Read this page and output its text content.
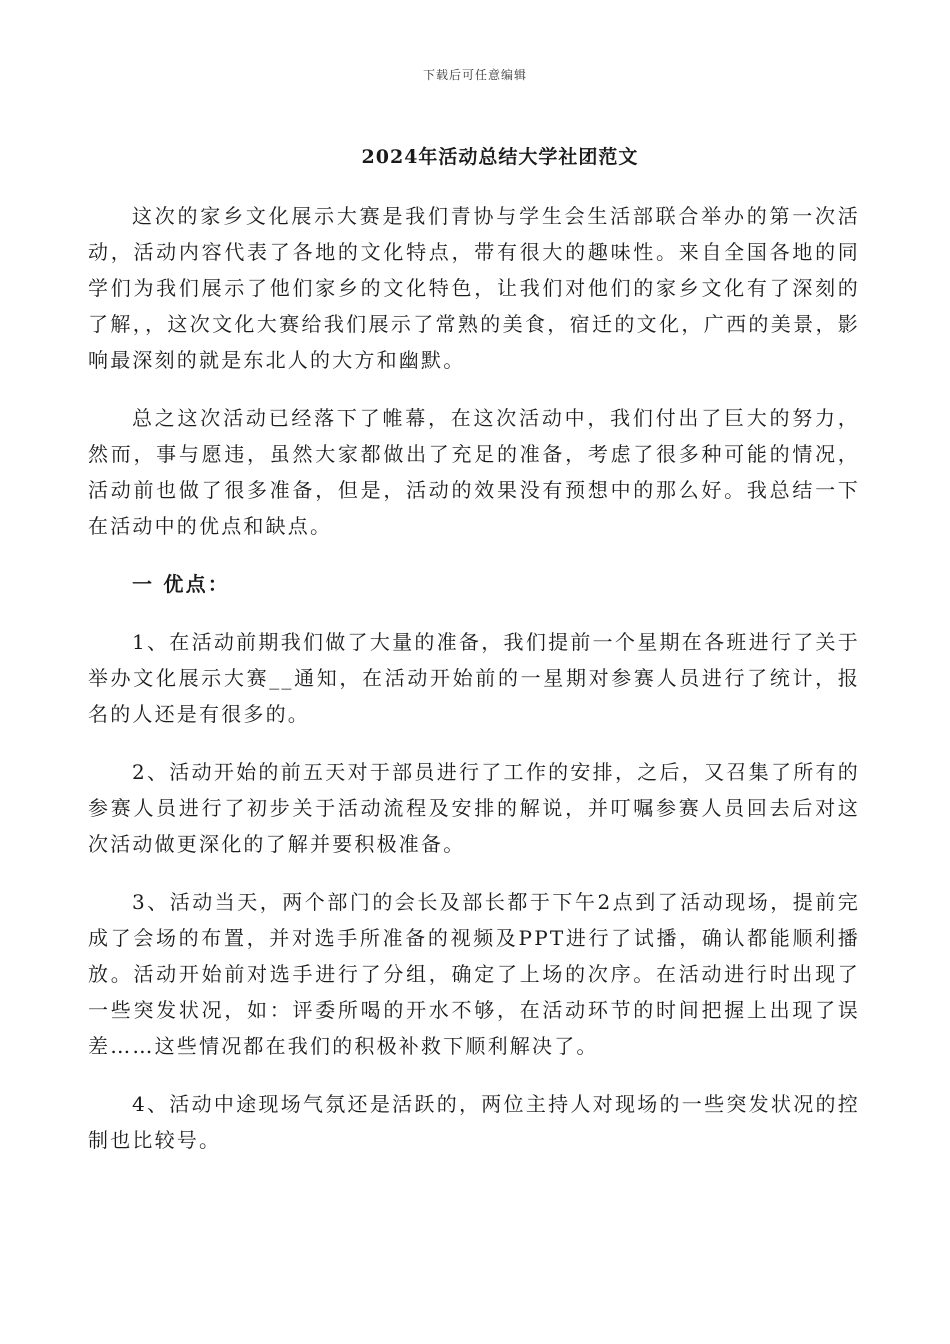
下载后可任意编辑
2024年活动总结大学社团范文

这次的家乡文化展示大赛是我们青协与学生会生活部联合举办的第一次活动，活动内容代表了各地的文化特点，带有很大的趣味性。来自全国各地的同学们为我们展示了他们家乡的文化特色，让我们对他们的家乡文化有了深刻的了解，，这次文化大赛给我们展示了常熟的美食，宿迁的文化，广西的美景，影响最深刻的就是东北人的大方和幽默。

总之这次活动已经落下了帷幕，在这次活动中，我们付出了巨大的努力，然而，事与愿违，虽然大家都做出了充足的准备，考虑了很多种可能的情况，活动前也做了很多准备，但是，活动的效果没有预想中的那么好。我总结一下在活动中的优点和缺点。

一 优点：

1、在活动前期我们做了大量的准备，我们提前一个星期在各班进行了关于举办文化展示大赛__通知，在活动开始前的一星期对参赛人员进行了统计，报名的人还是有很多的。

2、活动开始的前五天对于部员进行了工作的安排，之后，又召集了所有的参赛人员进行了初步关于活动流程及安排的解说，并叮嘱参赛人员回去后对这次活动做更深化的了解并要积极准备。

3、活动当天，两个部门的会长及部长都于下午2点到了活动现场，提前完成了会场的布置，并对选手所准备的视频及PPT进行了试播，确认都能顺利播放。活动开始前对选手进行了分组，确定了上场的次序。在活动进行时出现了一些突发状况，如：评委所喝的开水不够，在活动环节的时间把握上出现了误差……这些情况都在我们的积极补救下顺利解决了。

4、活动中途现场气氛还是活跃的，两位主持人对现场的一些突发状况的控制也比较号。
